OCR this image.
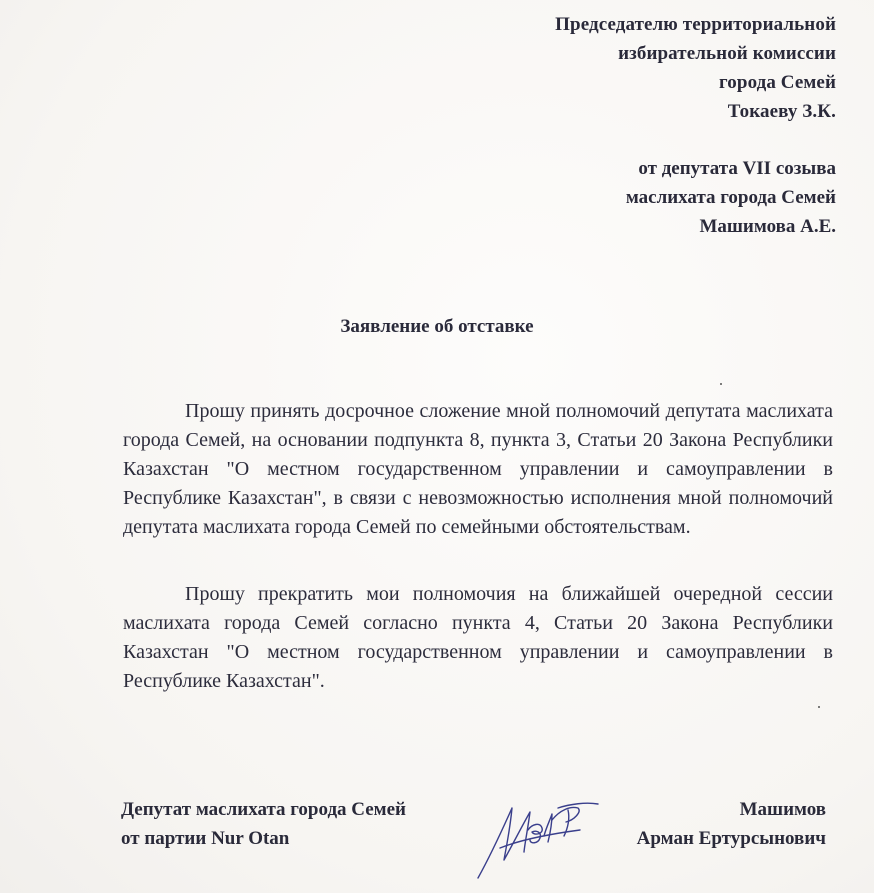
Председателю территориальной
избирательной комиссии
города Семей
Токаеву З.К.
от депутата VII созыва
маслихата города Семей
Машимова А.Е.
Заявление об отставке
Прошу принять досрочное сложение мной полномочий депутата маслихата города Семей, на основании подпункта 8, пункта 3, Статьи 20 Закона Республики Казахстан "О местном государственном управлении и самоуправлении в Республике Казахстан", в связи с невозможностью исполнения мной полномочий депутата маслихата города Семей по семейными обстоятельствам.
Прошу прекратить мои полномочия на ближайшей очередной сессии маслихата города Семей согласно пункта 4, Статьи 20 Закона Республики Казахстан "О местном государственном управлении и самоуправлении в Республике Казахстан".
Депутат маслихата города Семей
от партии Nur Otan
Машимов
Арман Ертурсынович
